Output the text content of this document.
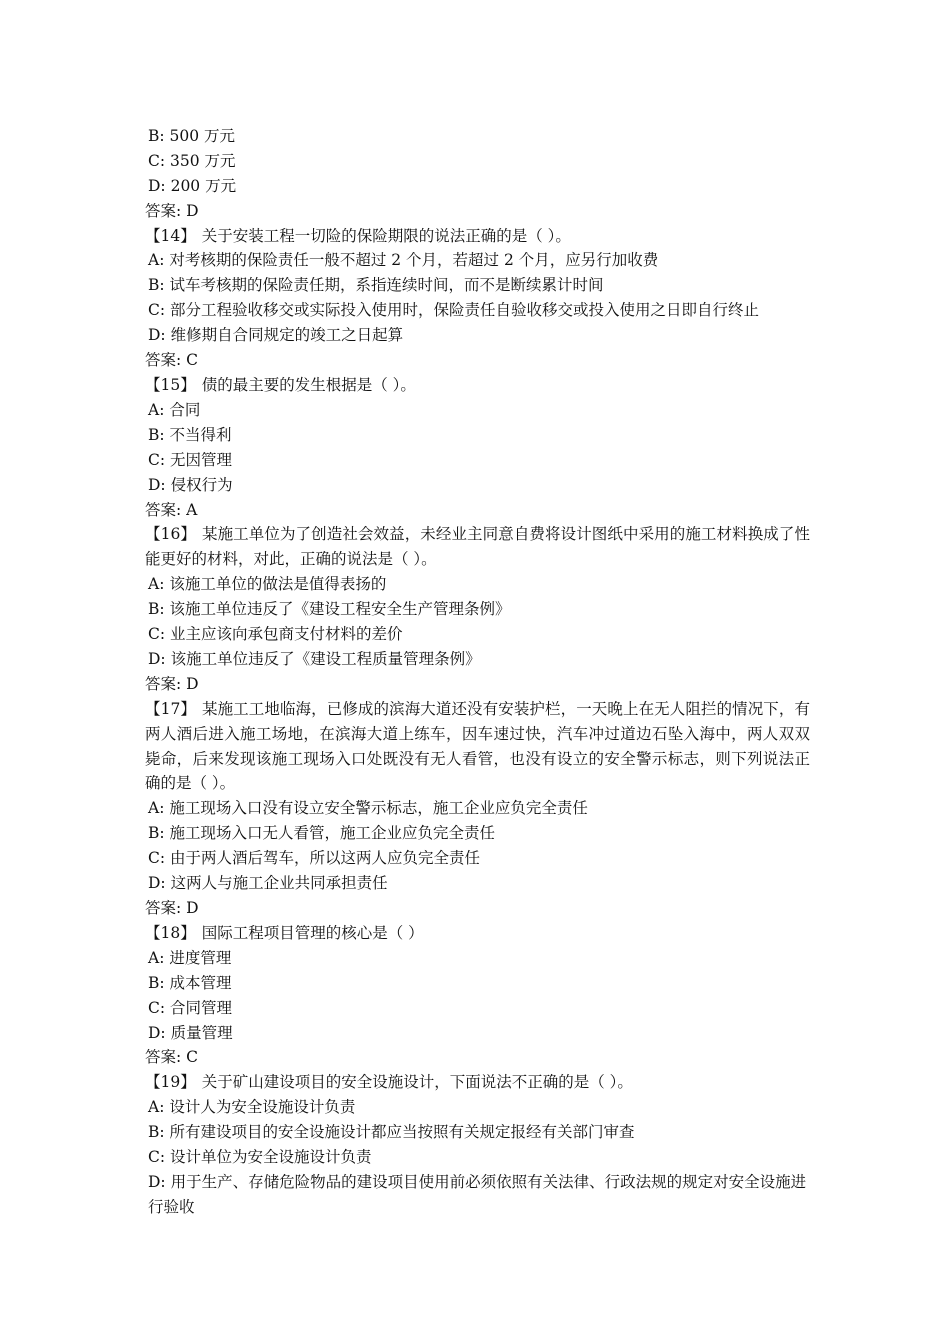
B: 500 万元
C: 350 万元
D: 200 万元
答案: D
【14】 关于安装工程一切险的保险期限的说法正确的是（ ）。
A: 对考核期的保险责任一般不超过 2 个月，若超过 2 个月，应另行加收费
B: 试车考核期的保险责任期，系指连续时间，而不是断续累计时间
C: 部分工程验收移交或实际投入使用时，保险责任自验收移交或投入使用之日即自行终止
D: 维修期自合同规定的竣工之日起算
答案: C
【15】 债的最主要的发生根据是（ ）。
A: 合同
B: 不当得利
C: 无因管理
D: 侵权行为
答案: A
【16】 某施工单位为了创造社会效益，未经业主同意自费将设计图纸中采用的施工材料换成了性能更好的材料，对此，正确的说法是（ ）。
A: 该施工单位的做法是值得表扬的
B: 该施工单位违反了《建设工程安全生产管理条例》
C: 业主应该向承包商支付材料的差价
D: 该施工单位违反了《建设工程质量管理条例》
答案: D
【17】 某施工工地临海，已修成的滨海大道还没有安装护栏，一天晚上在无人阻拦的情况下，有两人酒后进入施工场地，在滨海大道上练车，因车速过快，汽车冲过道边石坠入海中，两人双双毙命，后来发现该施工现场入口处既没有无人看管，也没有设立的安全警示标志，则下列说法正确的是（ ）。
A: 施工现场入口没有设立安全警示标志，施工企业应负完全责任
B: 施工现场入口无人看管，施工企业应负完全责任
C: 由于两人酒后驾车，所以这两人应负完全责任
D: 这两人与施工企业共同承担责任
答案: D
【18】 国际工程项目管理的核心是（ ）
A: 进度管理
B: 成本管理
C: 合同管理
D: 质量管理
答案: C
【19】 关于矿山建设项目的安全设施设计，下面说法不正确的是（ ）。
A: 设计人为安全设施设计负责
B: 所有建设项目的安全设施设计都应当按照有关规定报经有关部门审查
C: 设计单位为安全设施设计负责
D: 用于生产、存储危险物品的建设项目使用前必须依照有关法律、行政法规的规定对安全设施进行验收
